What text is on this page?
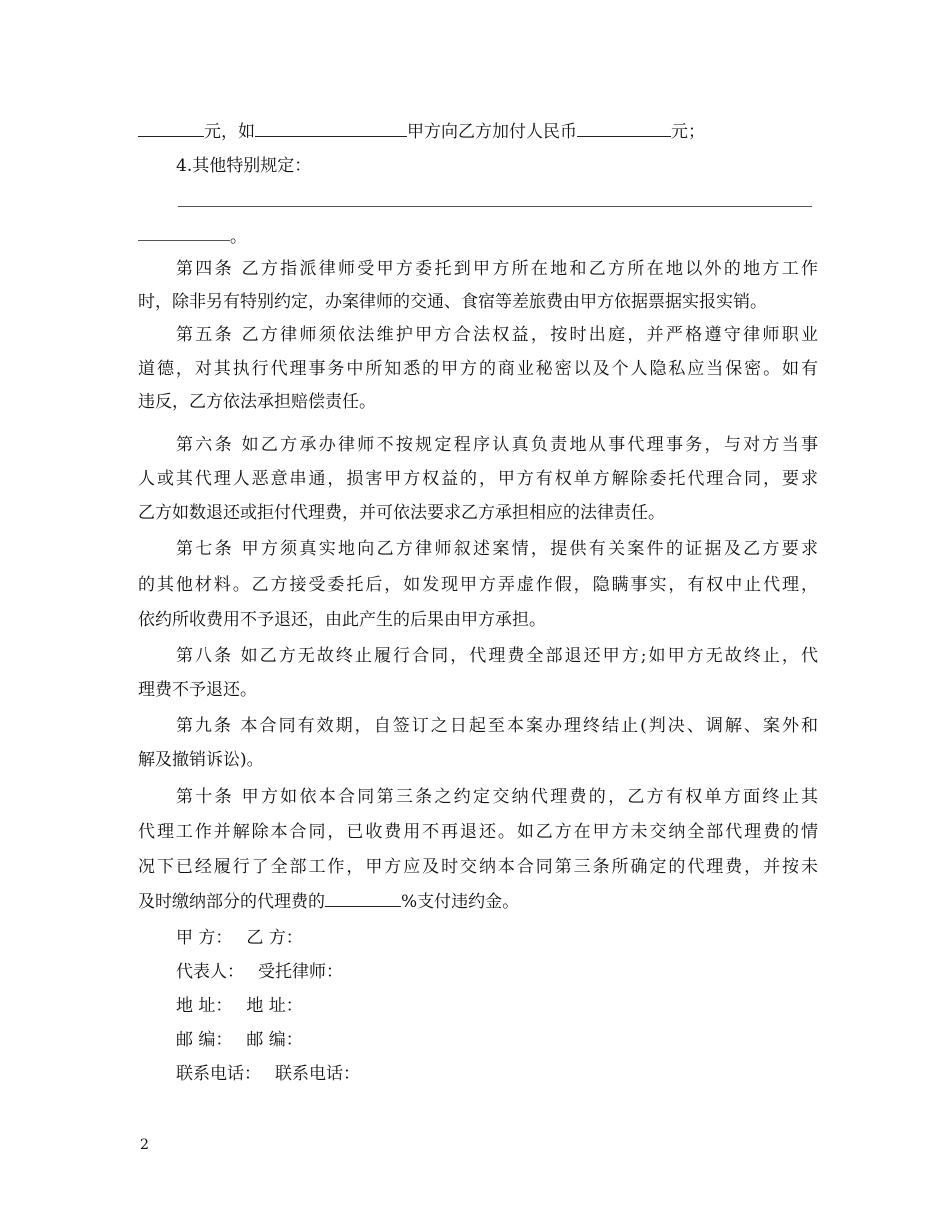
元，如	甲方向乙方加付人民币	元；
4.其他特别规定：
。
第四条 乙方指派律师受甲方委托到甲方所在地和乙方所在地以外的地方工作
时，除非另有特别约定，办案律师的交通、食宿等差旅费由甲方依据票据实报实销。
第五条 乙方律师须依法维护甲方合法权益，按时出庭，并严格遵守律师职业
道德，对其执行代理事务中所知悉的甲方的商业秘密以及个人隐私应当保密。如有
违反，乙方依法承担赔偿责任。
第六条 如乙方承办律师不按规定程序认真负责地从事代理事务，与对方当事
人或其代理人恶意串通，损害甲方权益的，甲方有权单方解除委托代理合同，要求
乙方如数退还或拒付代理费，并可依法要求乙方承担相应的法律责任。
第七条 甲方须真实地向乙方律师叙述案情，提供有关案件的证据及乙方要求
的其他材料。乙方接受委托后，如发现甲方弄虚作假，隐瞒事实，有权中止代理，
依约所收费用不予退还，由此产生的后果由甲方承担。
第八条 如乙方无故终止履行合同，代理费全部退还甲方;如甲方无故终止，代
理费不予退还。
第九条 本合同有效期，自签订之日起至本案办理终结止(判决、调解、案外和
解及撤销诉讼)。
第十条 甲方如依本合同第三条之约定交纳代理费的，乙方有权单方面终止其
代理工作并解除本合同，已收费用不再退还。如乙方在甲方未交纳全部代理费的情
况下已经履行了全部工作，甲方应及时交纳本合同第三条所确定的代理费，并按未
及时缴纳部分的代理费的	%支付违约金。
甲 方： 乙 方：
代表人： 受托律师：
地 址： 地 址：
邮 编： 邮 编：
联系电话： 联系电话：
2
